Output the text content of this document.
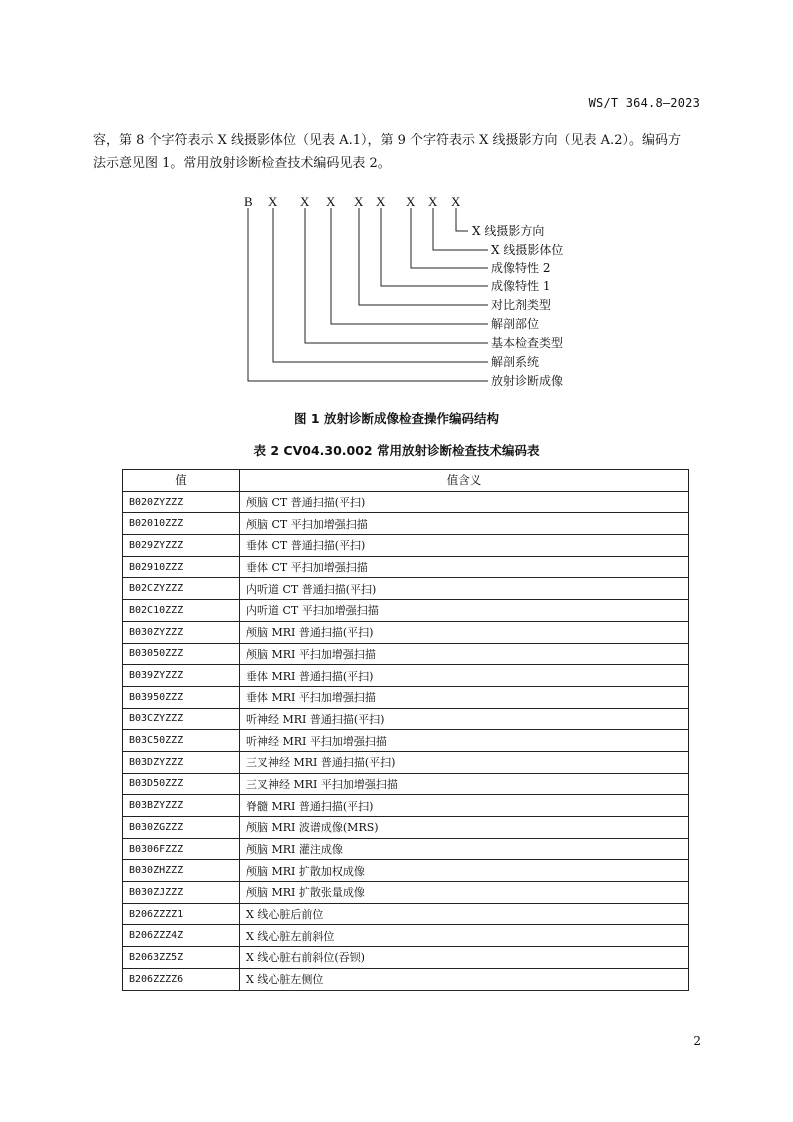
WS/T 364.8—2023

容，第 8 个字符表示 X 线摄影体位（见表 A.1），第 9 个字符表示 X 线摄影方向（见表 A.2）。编码方
法示意见图 1。常用放射诊断检查技术编码见表 2。

B X X X X X X X X
X 线摄影方向
X 线摄影体位
成像特性 2
成像特性 1
对比剂类型
解剖部位
基本检查类型
解剖系统
放射诊断成像
图 1 放射诊断成像检查操作编码结构
表 2 CV04.30.002 常用放射诊断检查技术编码表
值	值含义
B020ZYZZZ	颅脑 CT 普通扫描(平扫)
B02010ZZZ	颅脑 CT 平扫加增强扫描
B029ZYZZZ	垂体 CT 普通扫描(平扫)
B02910ZZZ	垂体 CT 平扫加增强扫描
B02CZYZZZ	内听道 CT 普通扫描(平扫)
B02C10ZZZ	内听道 CT 平扫加增强扫描
B030ZYZZZ	颅脑 MRI 普通扫描(平扫)
B03050ZZZ	颅脑 MRI 平扫加增强扫描
B039ZYZZZ	垂体 MRI 普通扫描(平扫)
B03950ZZZ	垂体 MRI 平扫加增强扫描
B03CZYZZZ	听神经 MRI 普通扫描(平扫)
B03C50ZZZ	听神经 MRI 平扫加增强扫描
B03DZYZZZ	三叉神经 MRI 普通扫描(平扫)
B03D50ZZZ	三叉神经 MRI 平扫加增强扫描
B03BZYZZZ	脊髓 MRI 普通扫描(平扫)
B030ZGZZZ	颅脑 MRI 波谱成像(MRS)
B0306FZZZ	颅脑 MRI 灌注成像
B030ZHZZZ	颅脑 MRI 扩散加权成像
B030ZJZZZ	颅脑 MRI 扩散张量成像
B206ZZZZ1	X 线心脏后前位
B206ZZZ4Z	X 线心脏左前斜位
B2063ZZ5Z	X 线心脏右前斜位(吞钡)
B206ZZZZ6	X 线心脏左侧位
2
